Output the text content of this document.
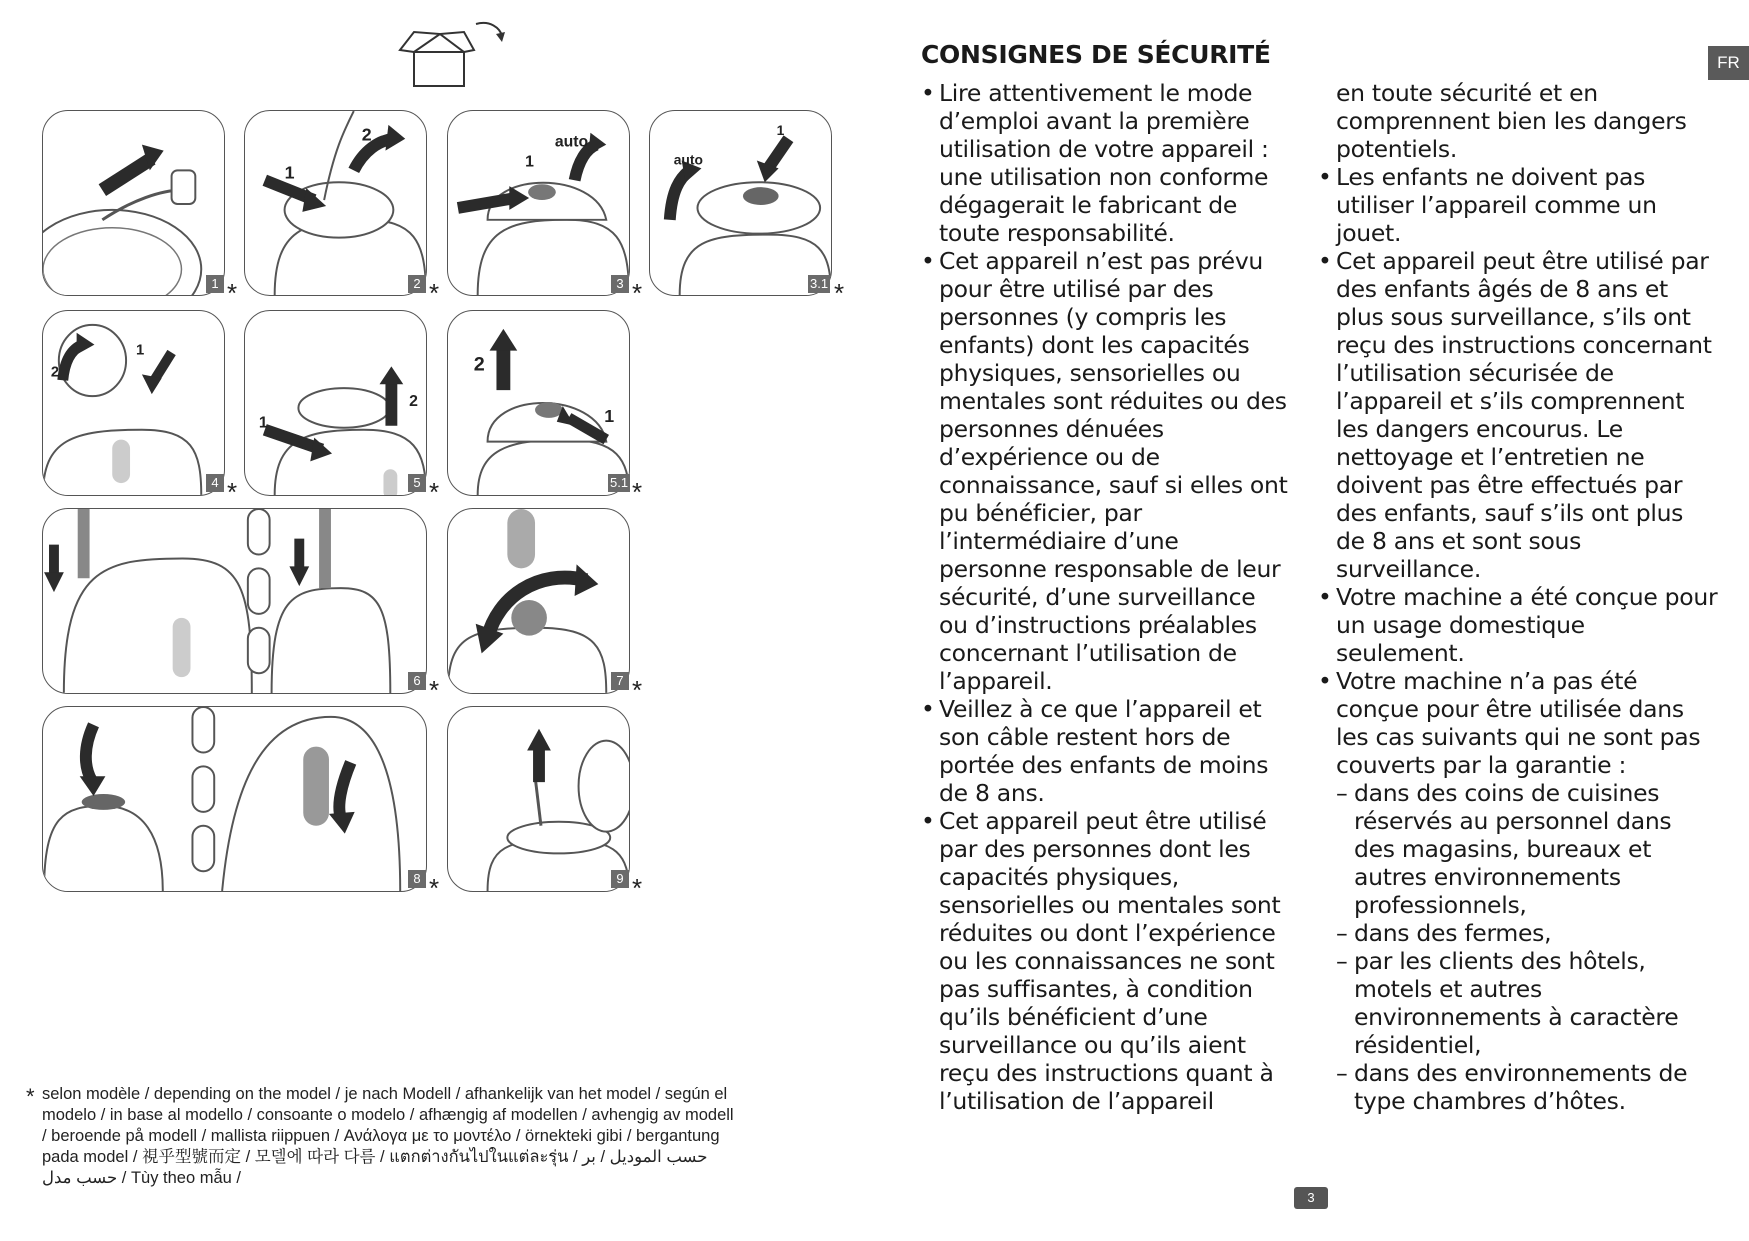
1
2	auto
1	auto
1
2
1
1
2
2
1
1 *	2 *	3 *	3.1 *
4 *	5 *	5.1 *
6 *	7 *
8 *	9 *
* selon modèle / depending on the model / je nach Modell / afhankelijk van het model / según el modelo / in base al modello / consoante o modelo / afhængig af modellen / avhengig av modell / beroende på modell / mallista riippuen / Ανάλογα με το μοντέλο / örnekteki gibi / bergantung pada model / 視乎型號而定 / 모델에 따라 다름 / แตกต่างกันไปในแต่ละรุ่น / حسب الموديل / بر حسب مدل / Tùy theo mẫu /
CONSIGNES DE SÉCURITÉ	FR

• Lire attentivement le mode d’emploi avant la première utilisation de votre appareil : une utilisation non conforme dégagerait le fabricant de toute responsabilité.

• Cet appareil n’est pas prévu pour être utilisé par des personnes (y compris les enfants) dont les capacités physiques, sensorielles ou mentales sont réduites ou des personnes dénuées d’expérience ou de connaissance, sauf si elles ont pu bénéficier, par l’intermédiaire d’une personne responsable de leur sécurité, d’une surveillance ou d’instructions préalables concernant l’utilisation de l’appareil.

• Veillez à ce que l’appareil et son câble restent hors de portée des enfants de moins de 8 ans.

• Cet appareil peut être utilisé par des personnes dont les capacités physiques, sensorielles ou mentales sont réduites ou dont l’expérience ou les connaissances ne sont pas suffisantes, à condition qu’ils bénéficient d’une surveillance ou qu’ils aient reçu des instructions quant à l’utilisation de l’appareil

en toute sécurité et en comprennent bien les dangers potentiels.

• Les enfants ne doivent pas utiliser l’appareil comme un jouet.

• Cet appareil peut être utilisé par des enfants âgés de 8 ans et plus sous surveillance, s’ils ont reçu des instructions concernant l’utilisation sécurisée de l’appareil et s’ils comprennent les dangers encourus. Le nettoyage et l’entretien ne doivent pas être effectués par des enfants, sauf s’ils ont plus de 8 ans et sont sous surveillance.

• Votre machine a été conçue pour un usage domestique seulement.

• Votre machine n’a pas été conçue pour être utilisée dans les cas suivants qui ne sont pas couverts par la garantie :

– dans des coins de cuisines réservés au personnel dans des magasins, bureaux et autres environnements professionnels,

– dans des fermes,

– par les clients des hôtels, motels et autres environnements à caractère résidentiel,

– dans des environnements de type chambres d’hôtes.

3
